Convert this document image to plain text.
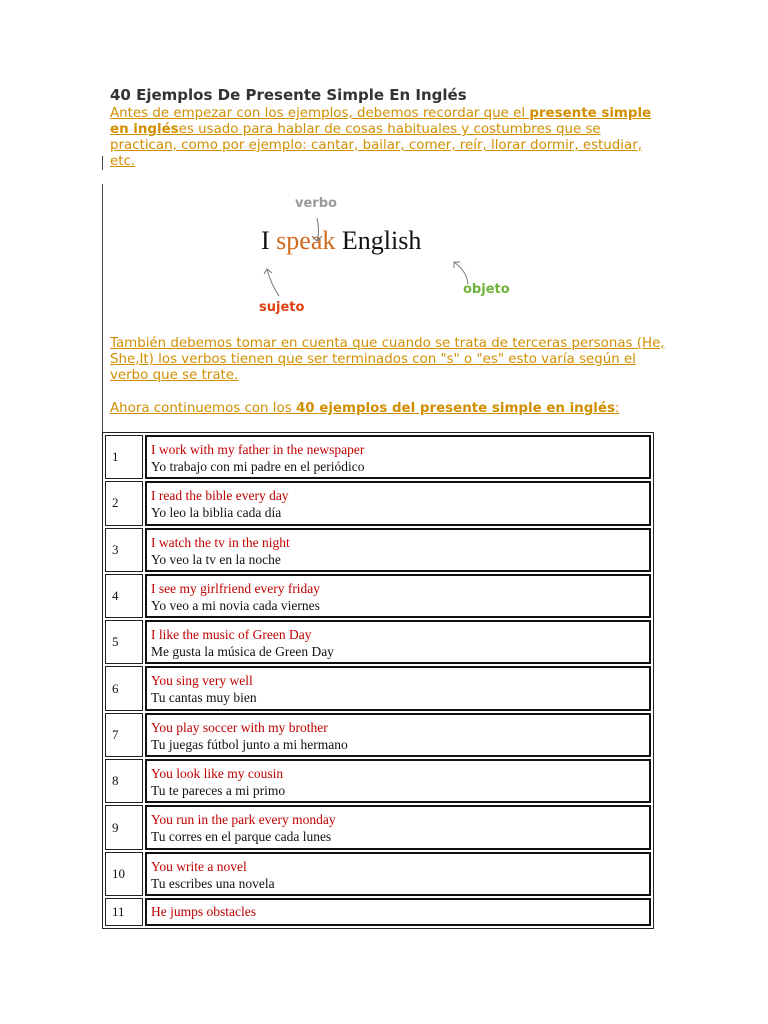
40 Ejemplos De Presente Simple En Inglés

Antes de empezar con los ejemplos, debemos recordar que el presente simple en ingléses usado para hablar de cosas habituales y costumbres que se practican, como por ejemplo: cantar, bailar, comer, reír, llorar dormir, estudiar, etc.

verbo
I speak English
sujeto
objeto

También debemos tomar en cuenta que cuando se trata de terceras personas (He, She,It) los verbos tienen que ser terminados con "s" o "es" esto varía según el verbo que se trate.

Ahora continuemos con los 40 ejemplos del presente simple en inglés:

1	I work with my father in the newspaper
Yo trabajo con mi padre en el periódico
2	I read the bible every day
Yo leo la biblia cada día
3	I watch the tv in the night
Yo veo la tv en la noche
4	I see my girlfriend every friday
Yo veo a mi novia cada viernes
5	I like the music of Green Day
Me gusta la música de Green Day
6	You sing very well
Tu cantas muy bien
7	You play soccer with my brother
Tu juegas fútbol junto a mi hermano
8	You look like my cousin
Tu te pareces a mi primo
9	You run in the park every monday
Tu corres en el parque cada lunes
10	You write a novel
Tu escribes una novela
11	He jumps obstacles
